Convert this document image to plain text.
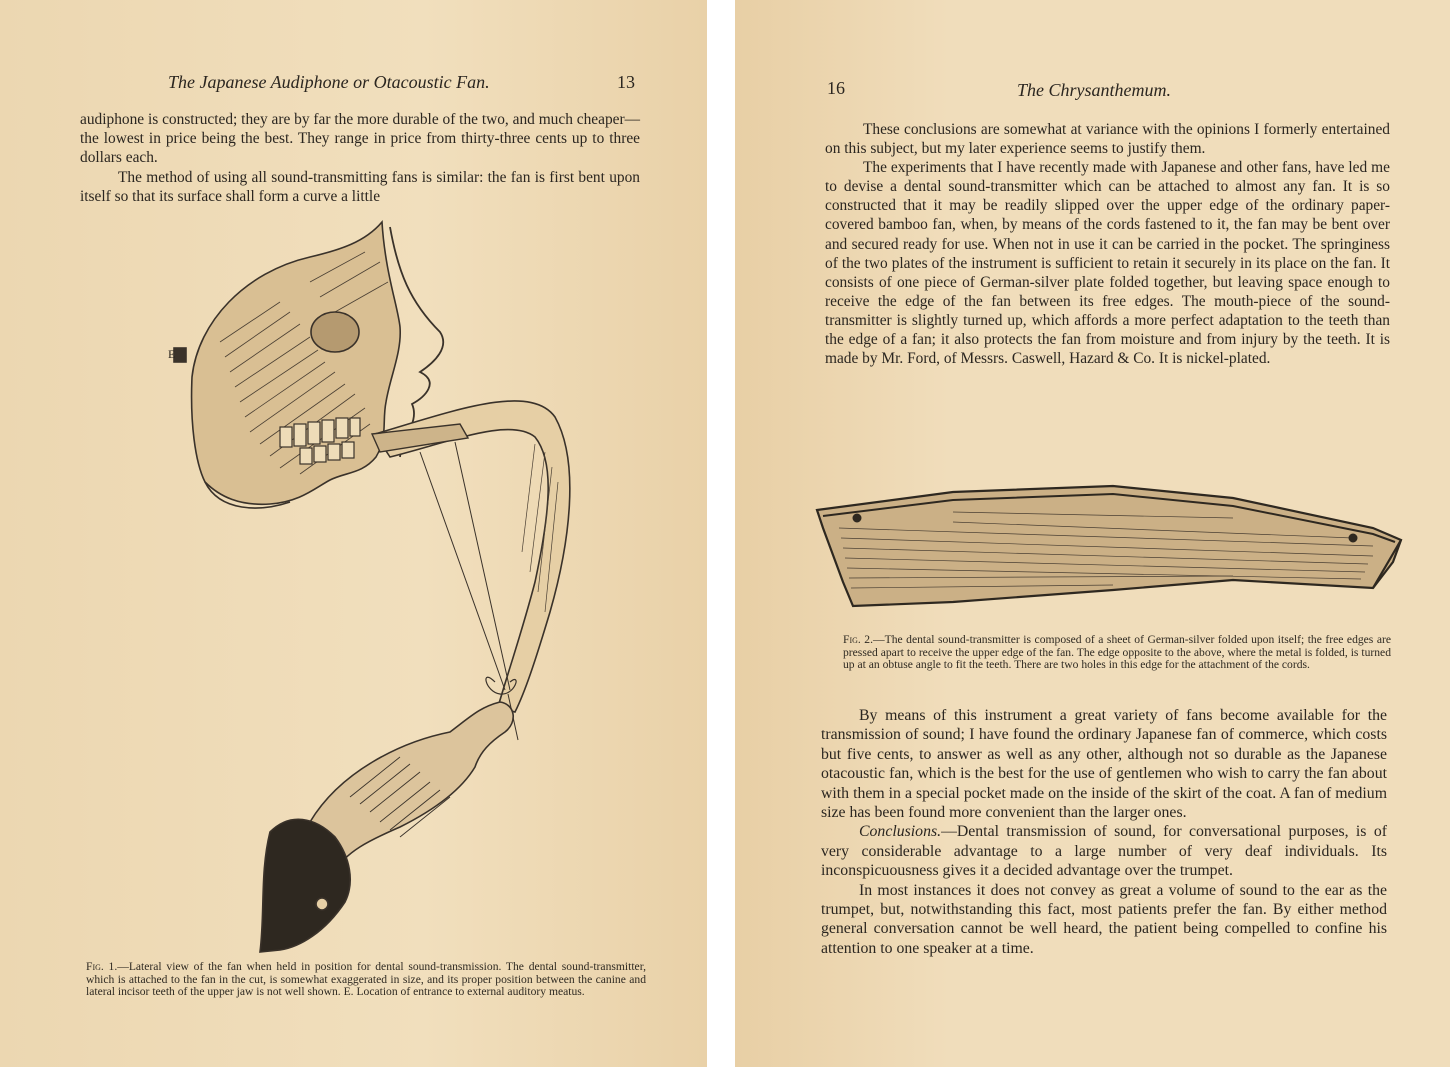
The Japanese Audiphone or Otacoustic Fan.	13

audiphone is constructed; they are by far the more durable of the two, and much cheaper—the lowest in price being the best. They range in price from thirty-three cents up to three dollars each.

The method of using all sound-transmitting fans is similar: the fan is first bent upon itself so that its surface shall form a curve a little

E
Fig. 1.—Lateral view of the fan when held in position for dental sound-transmission. The dental sound-transmitter, which is attached to the fan in the cut, is somewhat exaggerated in size, and its proper position between the canine and lateral incisor teeth of the upper jaw is not well shown. E. Location of entrance to external auditory meatus.
16	The Chrysanthemum.

These conclusions are somewhat at variance with the opinions I formerly entertained on this subject, but my later experience seems to justify them.

The experiments that I have recently made with Japanese and other fans, have led me to devise a dental sound-transmitter which can be attached to almost any fan. It is so constructed that it may be readily slipped over the upper edge of the ordinary paper-covered bamboo fan, when, by means of the cords fastened to it, the fan may be bent over and secured ready for use. When not in use it can be carried in the pocket. The springiness of the two plates of the instrument is sufficient to retain it securely in its place on the fan. It consists of one piece of German-silver plate folded together, but leaving space enough to receive the edge of the fan between its free edges. The mouth-piece of the sound-transmitter is slightly turned up, which affords a more perfect adaptation to the teeth than the edge of a fan; it also protects the fan from moisture and from injury by the teeth. It is made by Mr. Ford, of Messrs. Caswell, Hazard & Co. It is nickel-plated.

Fig. 2.—The dental sound-transmitter is composed of a sheet of German-silver folded upon itself; the free edges are pressed apart to receive the upper edge of the fan. The edge opposite to the above, where the metal is folded, is turned up at an obtuse angle to fit the teeth. There are two holes in this edge for the attachment of the cords.

By means of this instrument a great variety of fans become available for the transmission of sound; I have found the ordinary Japanese fan of commerce, which costs but five cents, to answer as well as any other, although not so durable as the Japanese otacoustic fan, which is the best for the use of gentlemen who wish to carry the fan about with them in a special pocket made on the inside of the skirt of the coat. A fan of medium size has been found more convenient than the larger ones.

Conclusions.—Dental transmission of sound, for conversational purposes, is of very considerable advantage to a large number of very deaf individuals. Its inconspicuousness gives it a decided advantage over the trumpet.

In most instances it does not convey as great a volume of sound to the ear as the trumpet, but, notwithstanding this fact, most patients prefer the fan. By either method general conversation cannot be well heard, the patient being compelled to confine his attention to one speaker at a time.
